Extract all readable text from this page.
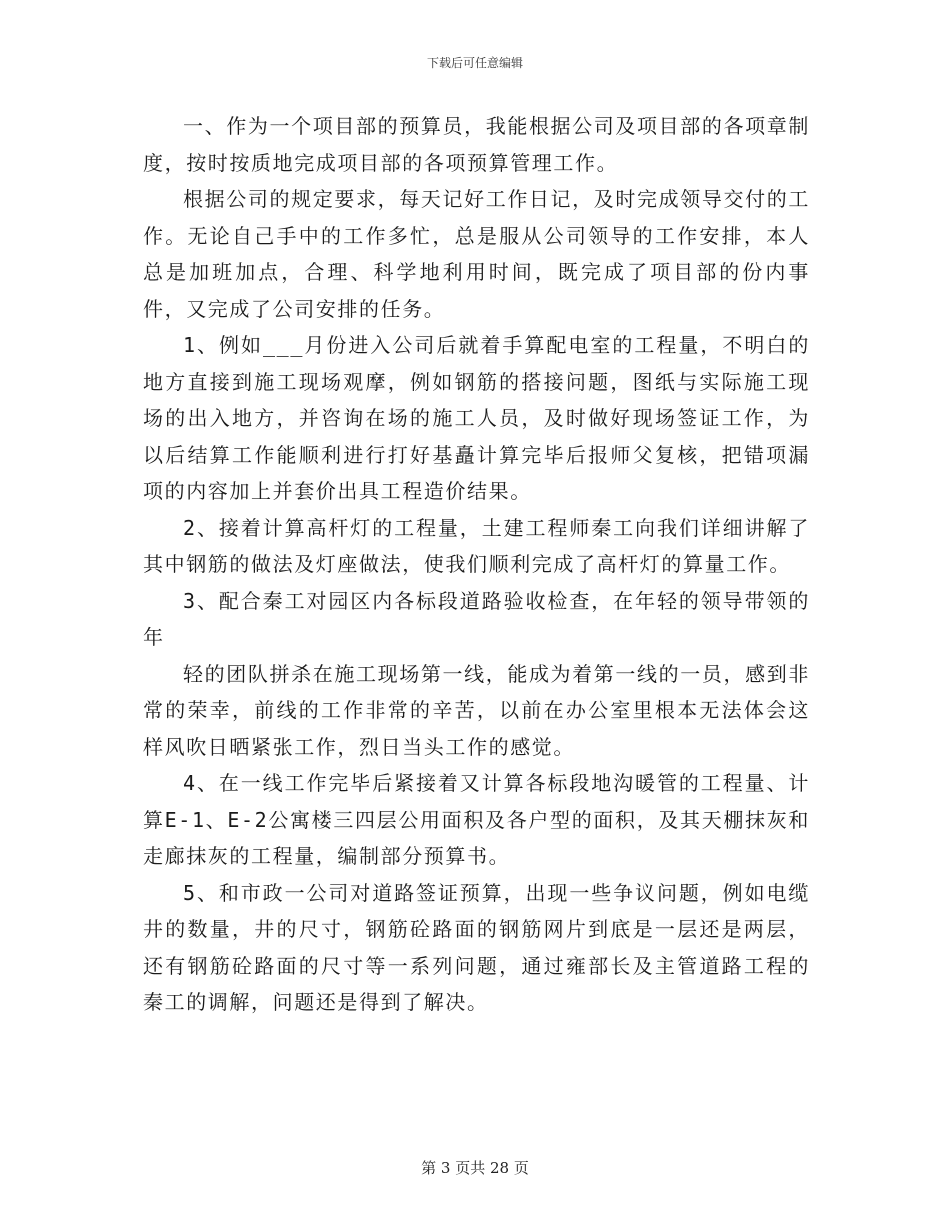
下载后可任意编辑

一、作为一个项目部的预算员，我能根据公司及项目部的各项章制度，按时按质地完成项目部的各项预算管理工作。

根据公司的规定要求，每天记好工作日记，及时完成领导交付的工作。无论自己手中的工作多忙，总是服从公司领导的工作安排，本人总是加班加点，合理、科学地利用时间，既完成了项目部的份内事件，又完成了公司安排的任务。

1、例如___月份进入公司后就着手算配电室的工程量，不明白的地方直接到施工现场观摩，例如钢筋的搭接问题，图纸与实际施工现场的出入地方，并咨询在场的施工人员，及时做好现场签证工作，为以后结算工作能顺利进行打好基矗计算完毕后报师父复核，把错项漏项的内容加上并套价出具工程造价结果。

2、接着计算高杆灯的工程量，土建工程师秦工向我们详细讲解了其中钢筋的做法及灯座做法，使我们顺利完成了高杆灯的算量工作。

3、配合秦工对园区内各标段道路验收检查，在年轻的领导带领的年

轻的团队拼杀在施工现场第一线，能成为着第一线的一员，感到非常的荣幸，前线的工作非常的辛苦，以前在办公室里根本无法体会这样风吹日晒紧张工作，烈日当头工作的感觉。

4、在一线工作完毕后紧接着又计算各标段地沟暖管的工程量、计算E-1、E-2公寓楼三四层公用面积及各户型的面积，及其天棚抹灰和走廊抹灰的工程量，编制部分预算书。

5、和市政一公司对道路签证预算，出现一些争议问题，例如电缆井的数量，井的尺寸，钢筋砼路面的钢筋网片到底是一层还是两层，还有钢筋砼路面的尺寸等一系列问题，通过雍部长及主管道路工程的秦工的调解，问题还是得到了解决。

第 3 页共 28 页
